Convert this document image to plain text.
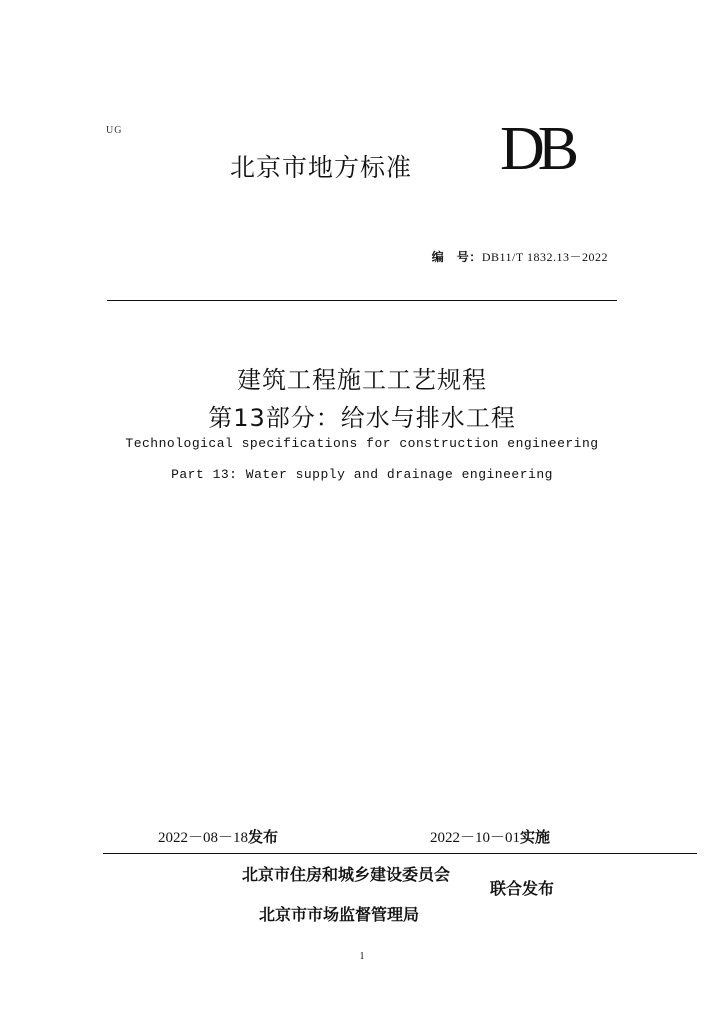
UG
北京市地方标准 DB
编　号：DB11/T 1832.13－2022
建筑工程施工工艺规程
第13部分：给水与排水工程
Technological specifications for construction engineering
Part 13: Water supply and drainage engineering
2022－08－18发布	2022－10－01实施
北京市住房和城乡建设委员会
北京市市场监督管理局
联合发布
1
